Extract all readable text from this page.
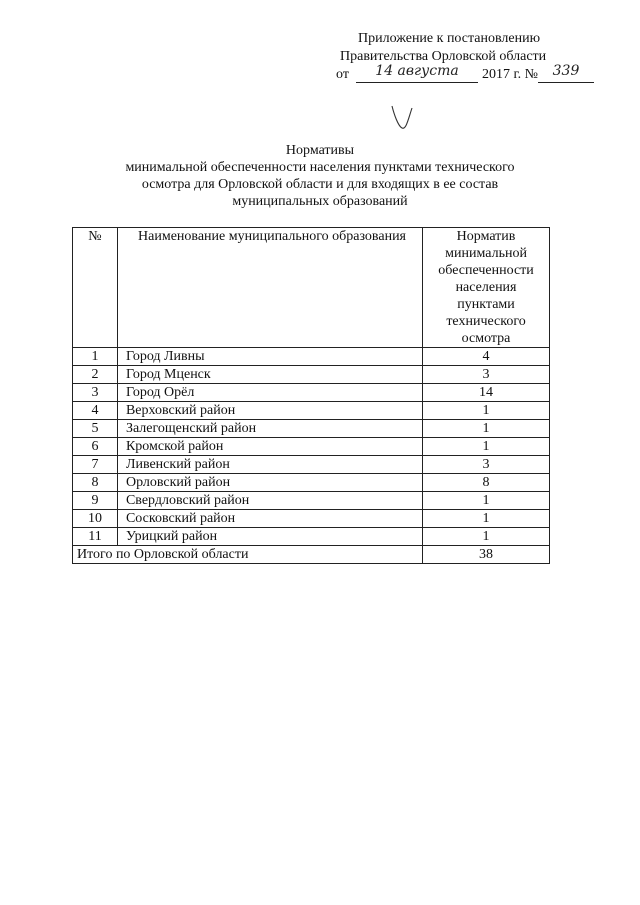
Приложение к постановлению
Правительства Орловской области
от	14 августа	2017 г. №	339
Нормативы
минимальной обеспеченности населения пунктами технического
осмотра для Орловской области и для входящих в ее состав
муниципальных образований
№	Наименование муниципального образования	Норматив минимальной обеспеченности населения пунктами технического осмотра
1	Город Ливны	4
2	Город Мценск	3
3	Город Орёл	14
4	Верховский район	1
5	Залегощенский район	1
6	Кромской район	1
7	Ливенский район	3
8	Орловский район	8
9	Свердловский район	1
10	Сосковский район	1
11	Урицкий район	1
Итого по Орловской области		38
